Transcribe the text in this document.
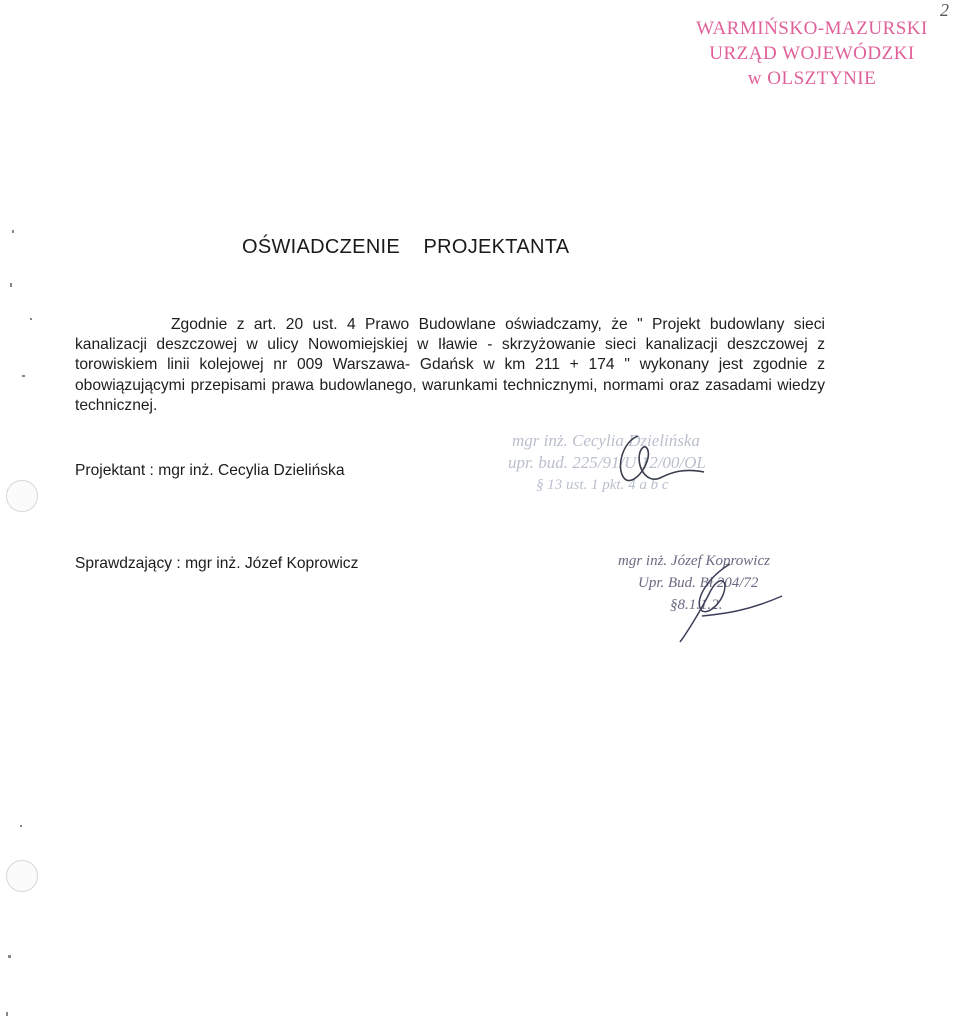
2
WARMIŃSKO-MAZURSKI
URZĄD WOJEWÓDZKI
w OLSZTYNIE
OŚWIADCZENIE    PROJEKTANTA

Zgodnie z art. 20 ust. 4 Prawo Budowlane oświadczamy, że " Projekt budowlany sieci kanalizacji deszczowej w ulicy Nowomiejskiej w Iławie - skrzyżowanie sieci kanalizacji deszczowej z torowiskiem linii kolejowej nr 009 Warszawa- Gdańsk w km 211 + 174 " wykonany jest zgodnie z obowiązującymi przepisami prawa budowlanego, warunkami technicznymi, normami oraz zasadami wiedzy technicznej.

Projektant : mgr inż. Cecylia Dzielińska
mgr inż. Cecylia Dzielińska
upr. bud. 225/91/U 12/00/OL
§ 13 ust. 1 pkt. 4 a b c
Sprawdzający : mgr inż. Józef Koprowicz	mgr inż. Józef Koprowicz
Upr. Bud. Bł 204/72
§8.1.1.2.
